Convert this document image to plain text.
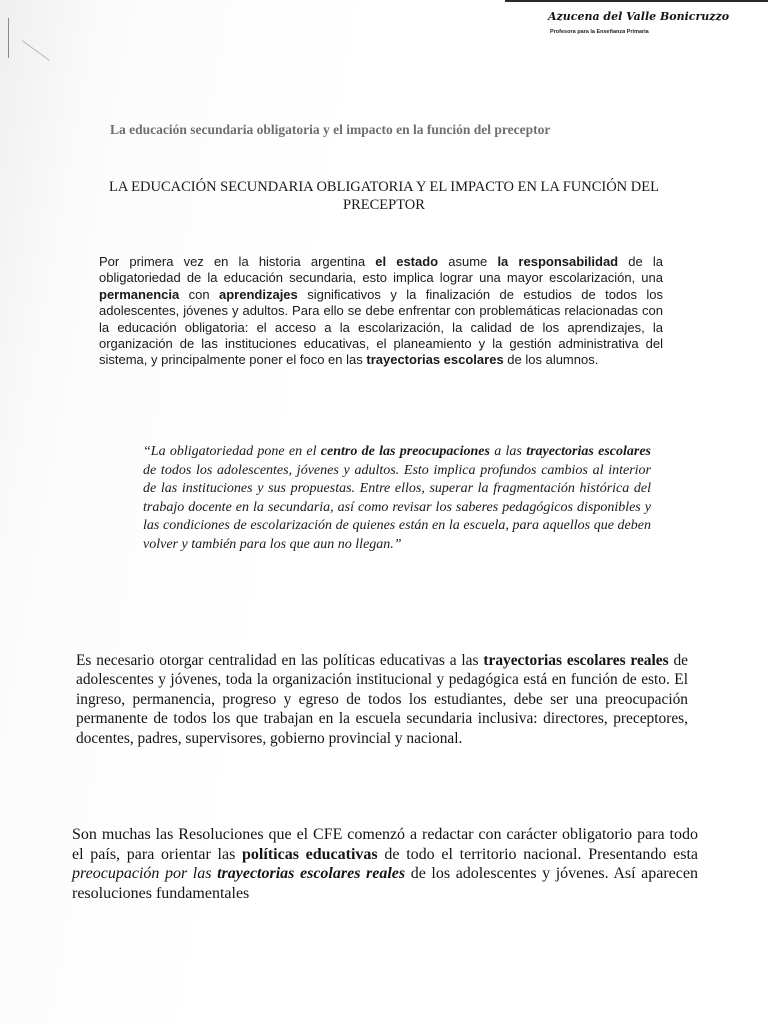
Azucena del Valle Bonicruzzo
Profesora para la Enseñanza Primaria
La educación secundaria obligatoria y el impacto en la función del preceptor
LA EDUCACIÓN SECUNDARIA OBLIGATORIA Y EL IMPACTO EN LA FUNCIÓN DEL PRECEPTOR
Por primera vez en la historia argentina el estado asume la responsabilidad de la obligatoriedad de la educación secundaria, esto implica lograr una mayor escolarización, una permanencia con aprendizajes significativos y la finalización de estudios de todos los adolescentes, jóvenes y adultos. Para ello se debe enfrentar con problemáticas relacionadas con la educación obligatoria: el acceso a la escolarización, la calidad de los aprendizajes, la organización de las instituciones educativas, el planeamiento y la gestión administrativa del sistema, y principalmente poner el foco en las trayectorias escolares de los alumnos.
“La obligatoriedad pone en el centro de las preocupaciones a las trayectorias escolares de todos los adolescentes, jóvenes y adultos. Esto implica profundos cambios al interior de las instituciones y sus propuestas. Entre ellos, superar la fragmentación histórica del trabajo docente en la secundaria, así como revisar los saberes pedagógicos disponibles y las condiciones de escolarización de quienes están en la escuela, para aquellos que deben volver y también para los que aun no llegan.”
Es necesario otorgar centralidad en las políticas educativas a las trayectorias escolares reales de adolescentes y jóvenes, toda la organización institucional y pedagógica está en función de esto. El ingreso, permanencia, progreso y egreso de todos los estudiantes, debe ser una preocupación permanente de todos los que trabajan en la escuela secundaria inclusiva: directores, preceptores, docentes, padres, supervisores, gobierno provincial y nacional.
Son muchas las Resoluciones que el CFE comenzó a redactar con carácter obligatorio para todo el país, para orientar las políticas educativas de todo el territorio nacional. Presentando esta preocupación por las trayectorias escolares reales de los adolescentes y jóvenes. Así aparecen resoluciones fundamentales
